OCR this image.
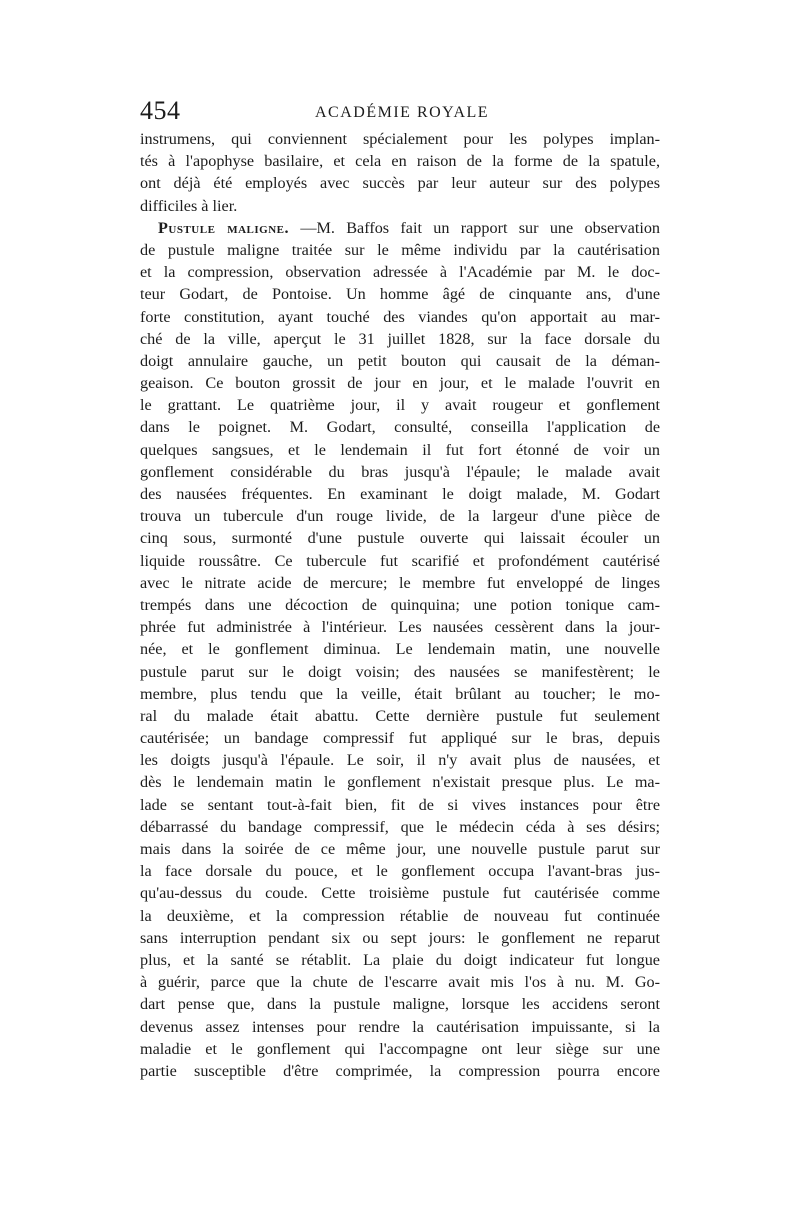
454	ACADÉMIE ROYALE
instrumens, qui conviennent spécialement pour les polypes implan-
tés à l'apophyse basilaire, et cela en raison de la forme de la spatule,
ont déjà été employés avec succès par leur auteur sur des polypes
difficiles à lier.
Pustule maligne. —M. Baffos fait un rapport sur une observation
de pustule maligne traitée sur le même individu par la cautérisation
et la compression, observation adressée à l'Académie par M. le doc-
teur Godart, de Pontoise. Un homme âgé de cinquante ans, d'une
forte constitution, ayant touché des viandes qu'on apportait au mar-
ché de la ville, aperçut le 31 juillet 1828, sur la face dorsale du
doigt annulaire gauche, un petit bouton qui causait de la déman-
geaison. Ce bouton grossit de jour en jour, et le malade l'ouvrit en
le grattant. Le quatrième jour, il y avait rougeur et gonflement
dans le poignet. M. Godart, consulté, conseilla l'application de
quelques sangsues, et le lendemain il fut fort étonné de voir un
gonflement considérable du bras jusqu'à l'épaule; le malade avait
des nausées fréquentes. En examinant le doigt malade, M. Godart
trouva un tubercule d'un rouge livide, de la largeur d'une pièce de
cinq sous, surmonté d'une pustule ouverte qui laissait écouler un
liquide roussâtre. Ce tubercule fut scarifié et profondément cautérisé
avec le nitrate acide de mercure; le membre fut enveloppé de linges
trempés dans une décoction de quinquina; une potion tonique cam-
phrée fut administrée à l'intérieur. Les nausées cessèrent dans la jour-
née, et le gonflement diminua. Le lendemain matin, une nouvelle
pustule parut sur le doigt voisin; des nausées se manifestèrent; le
membre, plus tendu que la veille, était brûlant au toucher; le mo-
ral du malade était abattu. Cette dernière pustule fut seulement
cautérisée; un bandage compressif fut appliqué sur le bras, depuis
les doigts jusqu'à l'épaule. Le soir, il n'y avait plus de nausées, et
dès le lendemain matin le gonflement n'existait presque plus. Le ma-
lade se sentant tout-à-fait bien, fit de si vives instances pour être
débarrassé du bandage compressif, que le médecin céda à ses désirs;
mais dans la soirée de ce même jour, une nouvelle pustule parut sur
la face dorsale du pouce, et le gonflement occupa l'avant-bras jus-
qu'au-dessus du coude. Cette troisième pustule fut cautérisée comme
la deuxième, et la compression rétablie de nouveau fut continuée
sans interruption pendant six ou sept jours: le gonflement ne reparut
plus, et la santé se rétablit. La plaie du doigt indicateur fut longue
à guérir, parce que la chute de l'escarre avait mis l'os à nu. M. Go-
dart pense que, dans la pustule maligne, lorsque les accidens seront
devenus assez intenses pour rendre la cautérisation impuissante, si la
maladie et le gonflement qui l'accompagne ont leur siège sur une
partie susceptible d'être comprimée, la compression pourra encore
